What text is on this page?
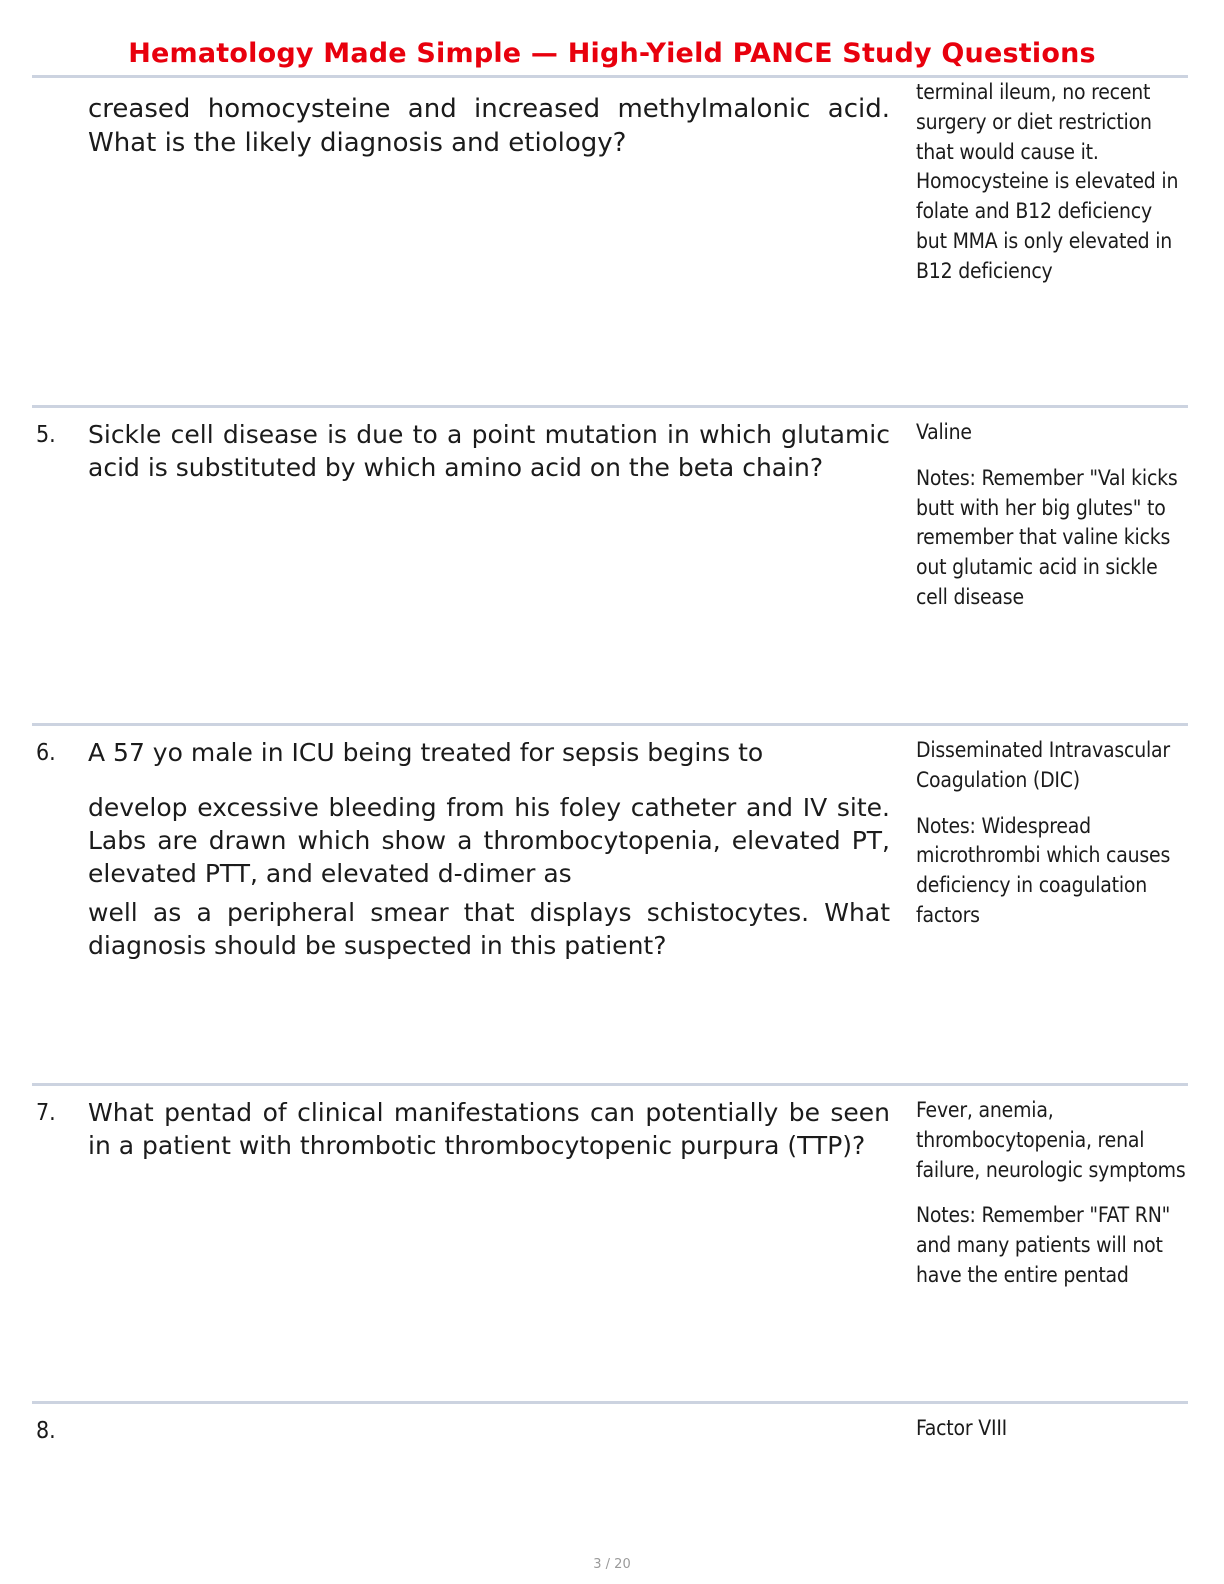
Hematology Made Simple — High-Yield PANCE Study Questions
creased homocysteine and increased methylmalonic acid. What is the likely diagnosis and etiology?

terminal ileum, no recent surgery or diet restriction that would cause it. Homocysteine is elevated in folate and B12 deficiency but MMA is only elevated in B12 deficiency

5.	Sickle cell disease is due to a point mutation in which glutamic acid is substituted by which amino acid on the beta chain?

Valine

Notes: Remember "Val kicks butt with her big glutes" to remember that valine kicks out glutamic acid in sickle cell disease

6.	A 57 yo male in ICU being treated for sepsis begins to
develop excessive bleeding from his foley catheter and IV site. Labs are drawn which show a thrombocytopenia, elevated PT, elevated PTT, and elevated d-dimer as
well as a peripheral smear that displays schistocytes. What diagnosis should be suspected in this patient?

Disseminated Intravascular Coagulation (DIC)

Notes: Widespread microthrombi which causes deficiency in coagulation factors

7.	What pentad of clinical manifestations can potentially be seen in a patient with thrombotic thrombocytopenic purpura (TTP)?

Fever, anemia, thrombocytopenia, renal failure, neurologic symptoms

Notes: Remember "FAT RN" and many patients will not have the entire pentad

8.	Factor VIII

3 / 20
